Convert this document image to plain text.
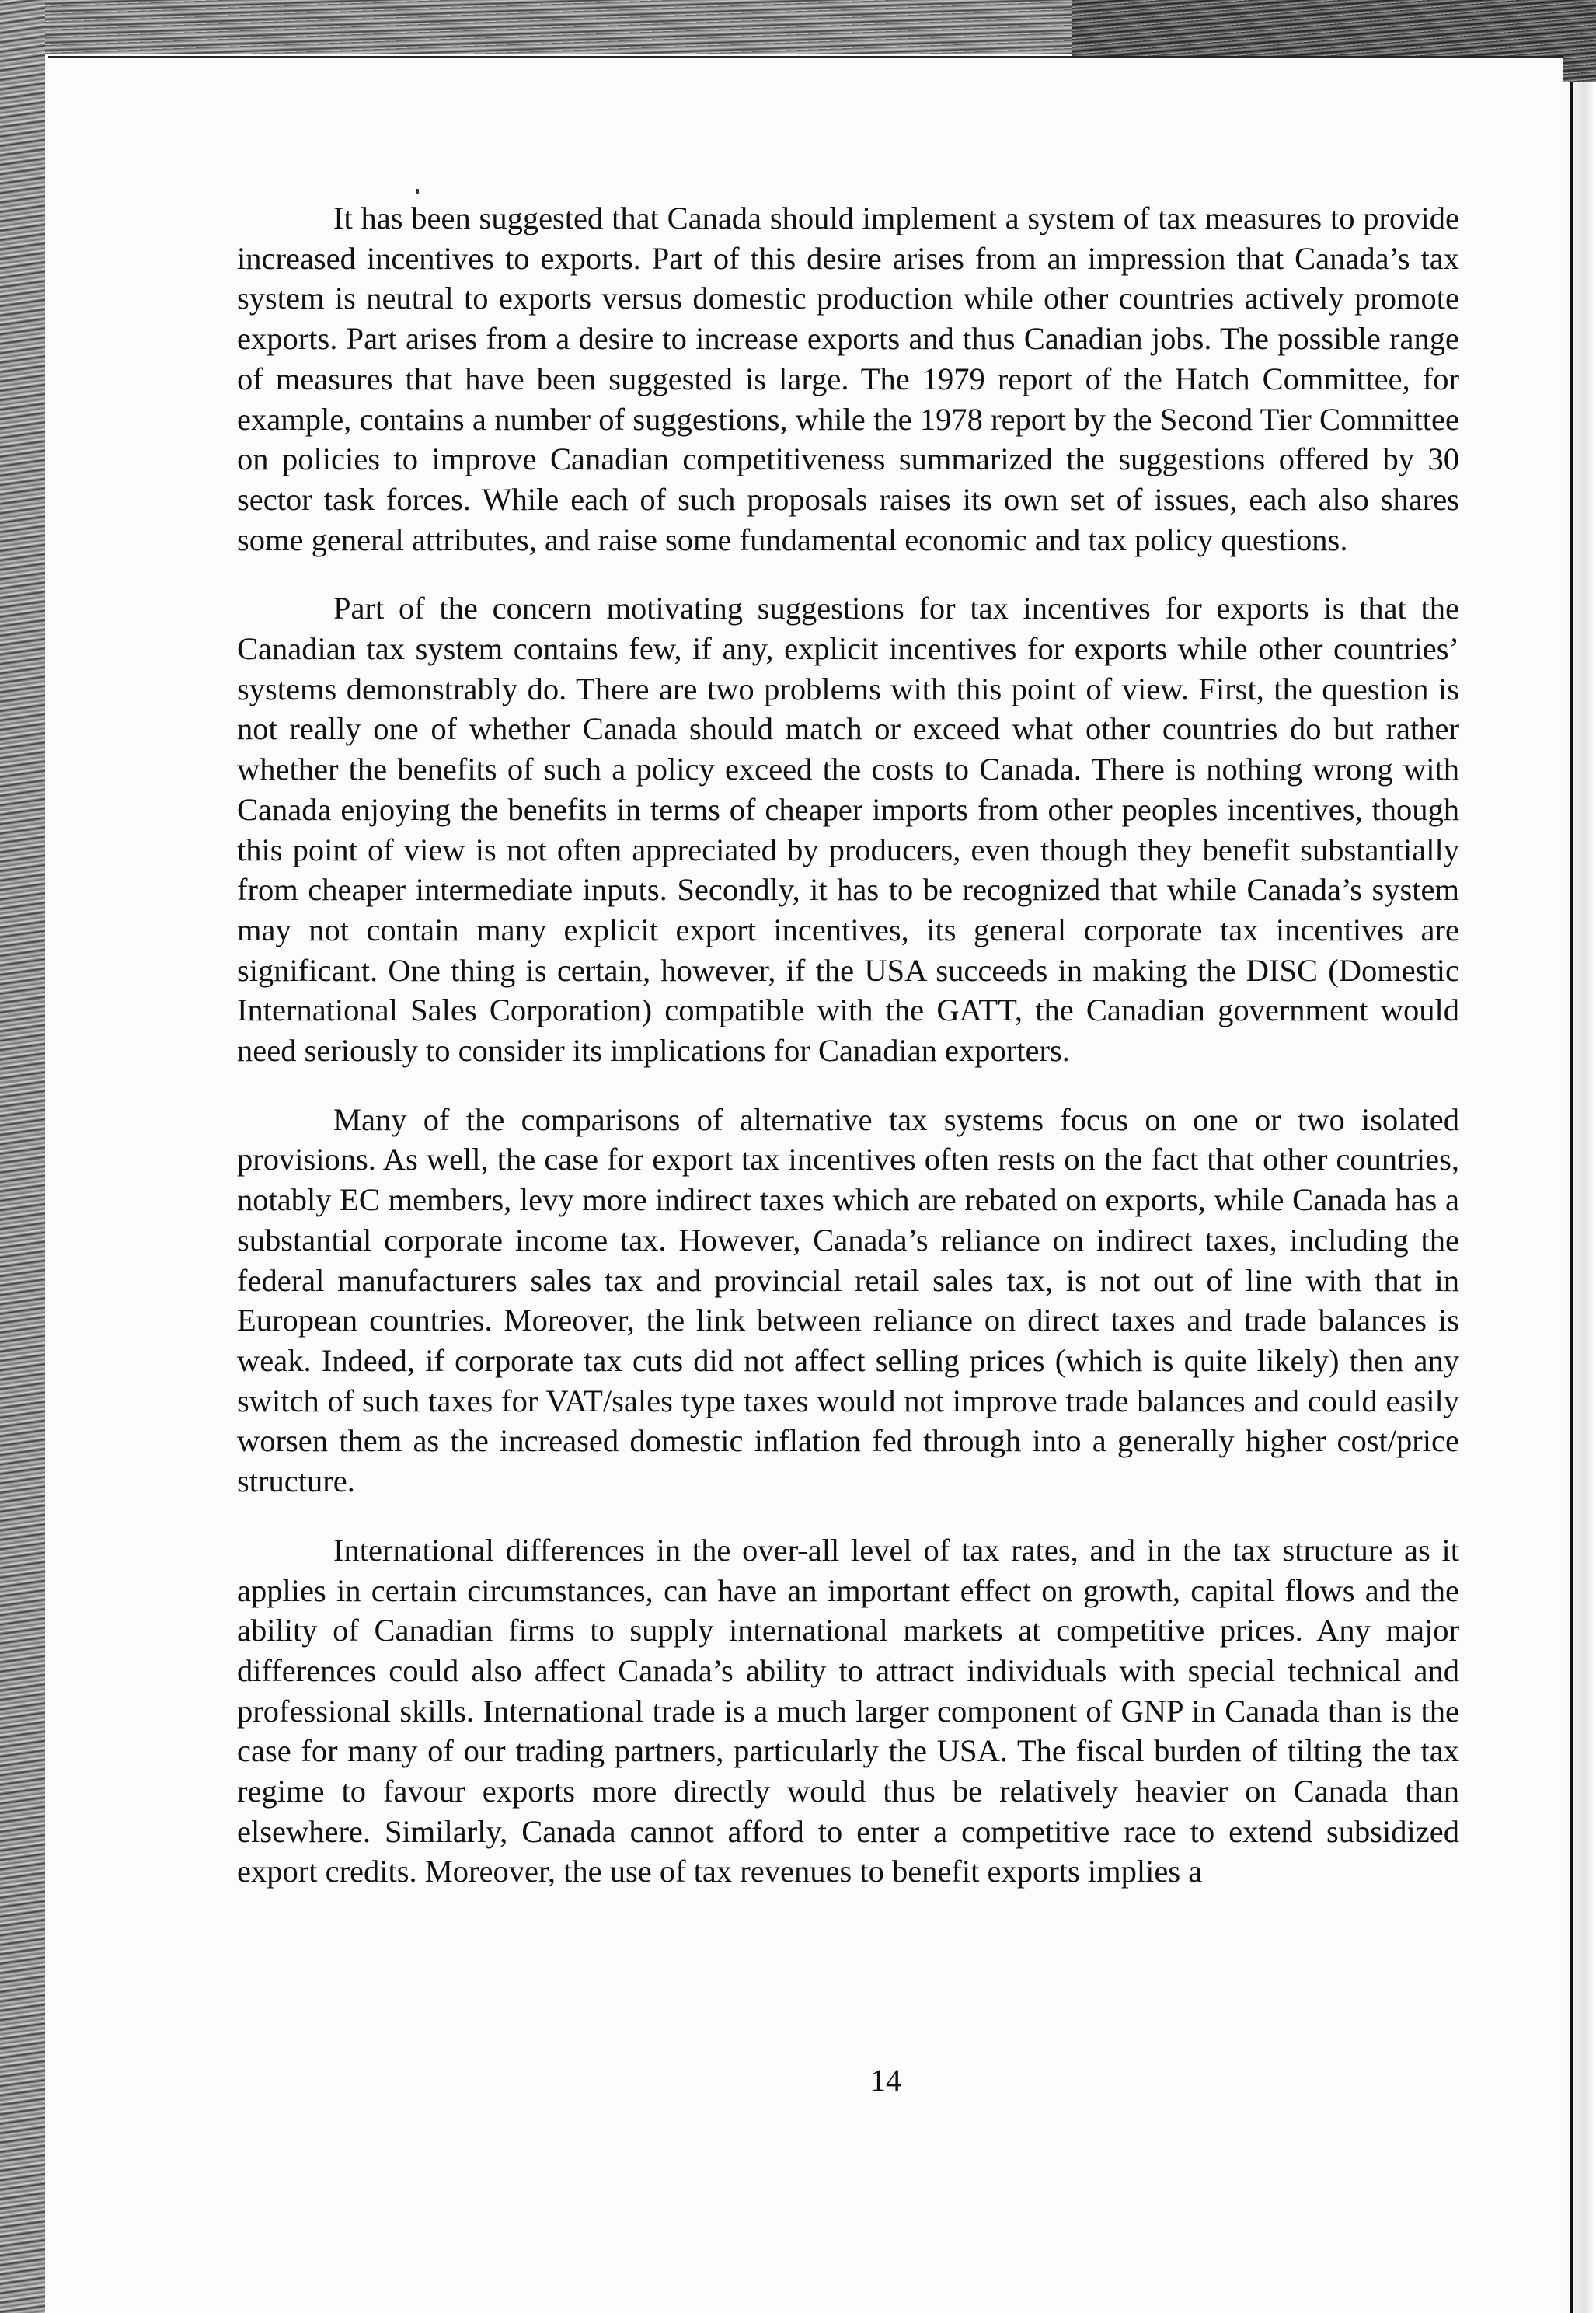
It has been suggested that Canada should implement a system of tax measures to provide increased incentives to exports. Part of this desire arises from an impression that Canada’s tax system is neutral to exports versus domestic production while other countries actively promote exports. Part arises from a desire to increase exports and thus Canadian jobs. The possible range of measures that have been suggested is large. The 1979 report of the Hatch Committee, for example, contains a number of suggestions, while the 1978 report by the Second Tier Committee on policies to improve Canadian competitiveness summarized the suggestions offered by 30 sector task forces. While each of such proposals raises its own set of issues, each also shares some general attributes, and raise some fundamental economic and tax policy questions.

Part of the concern motivating suggestions for tax incentives for exports is that the Canadian tax system contains few, if any, explicit incentives for exports while other countries’ systems demonstrably do. There are two problems with this point of view. First, the question is not really one of whether Canada should match or exceed what other countries do but rather whether the benefits of such a policy exceed the costs to Canada. There is nothing wrong with Canada enjoying the benefits in terms of cheaper imports from other peoples incentives, though this point of view is not often appreciated by producers, even though they benefit substantially from cheaper intermediate inputs. Secondly, it has to be recognized that while Canada’s system may not contain many explicit export incentives, its general corporate tax incentives are significant. One thing is certain, however, if the USA succeeds in making the DISC (Domestic International Sales Corporation) compatible with the GATT, the Canadian government would need seriously to consider its implications for Canadian exporters.

Many of the comparisons of alternative tax systems focus on one or two isolated provisions. As well, the case for export tax incentives often rests on the fact that other countries, notably EC members, levy more indirect taxes which are rebated on exports, while Canada has a substantial corporate income tax. However, Canada’s reliance on indirect taxes, including the federal manufacturers sales tax and provincial retail sales tax, is not out of line with that in European countries. Moreover, the link between reliance on direct taxes and trade balances is weak. Indeed, if corporate tax cuts did not affect selling prices (which is quite likely) then any switch of such taxes for VAT/sales type taxes would not improve trade balances and could easily worsen them as the increased domestic inflation fed through into a generally higher cost/price structure.

International differences in the over-all level of tax rates, and in the tax structure as it applies in certain circumstances, can have an important effect on growth, capital flows and the ability of Canadian firms to supply international markets at competitive prices. Any major differences could also affect Canada’s ability to attract individuals with special technical and professional skills. International trade is a much larger component of GNP in Canada than is the case for many of our trading partners, particularly the USA. The fiscal burden of tilting the tax regime to favour exports more directly would thus be relatively heavier on Canada than elsewhere. Similarly, Canada cannot afford to enter a competitive race to extend subsidized export credits. Moreover, the use of tax revenues to benefit exports implies a

14
